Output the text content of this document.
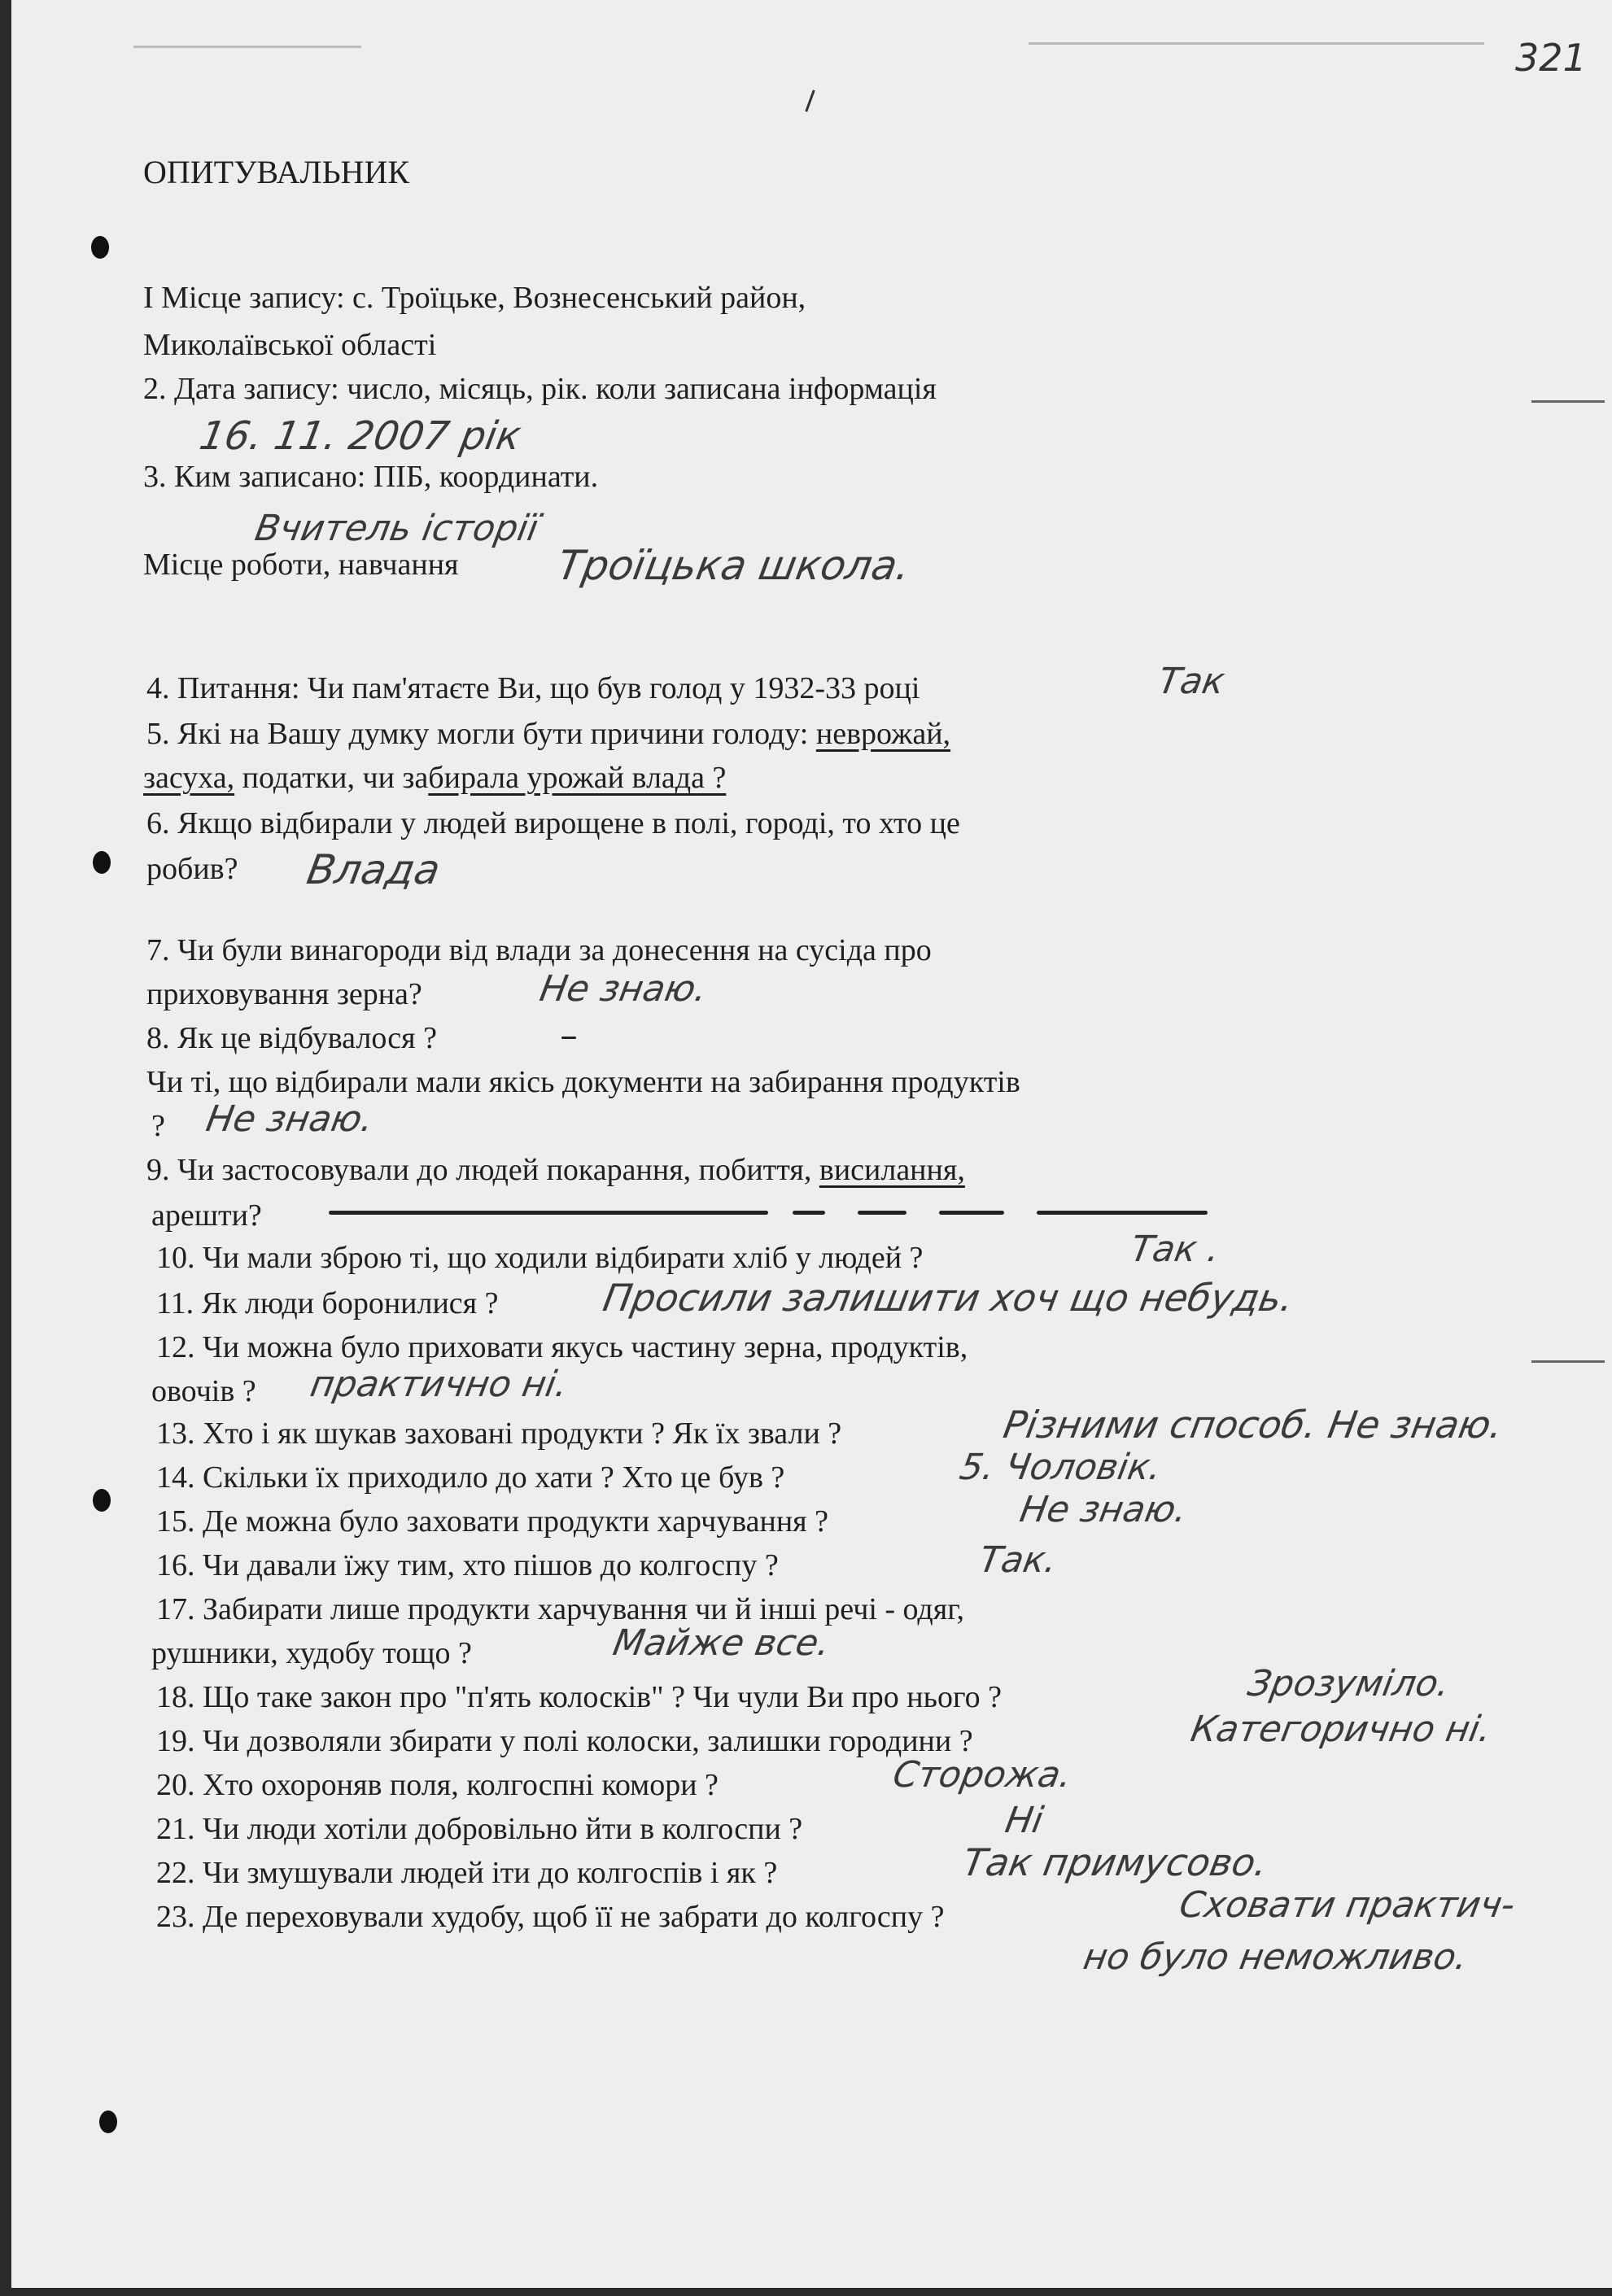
321
ОПИТУВАЛЬНИК
I Місце запису: с. Троїцьке, Вознесенський район,
Миколаївської області
2. Дата запису: число, місяць, рік. коли записана інформація
16. 11. 2007 рік
3. Ким записано: ПІБ, координати.
Вчитель історії
Місце роботи, навчання Троїцька школа.
4. Питання: Чи пам'ятаєте Ви, що був голод у 1932-33 році	Так
5. Які на Вашу думку могли бути причини голоду: неврожай,
засуха, податки, чи забирала урожай влада ?
6. Якщо відбирали у людей вирощене в полі, городі, то хто це
робив? Влада
7. Чи були винагороди від влади за донесення на сусіда про
приховування зерна?	Не знаю.
8. Як це відбувалося ?
Чи ті, що відбирали мали якісь документи на забирання продуктів
? Не знаю.
9. Чи застосовували до людей покарання, побиття, висилання,
арешти?
10. Чи мали зброю ті, що ходили відбирати хліб у людей ?	Так .
11. Як люди боронилися ?	Просили залишити хоч що небудь.
12. Чи можна було приховати якусь частину зерна, продуктів,
овочів ? практично ні.
13. Хто і як шукав заховані продукти ? Як їх звали ?	Різними способ. Не знаю.
14. Скільки їх приходило до хати ? Хто це був ?	5. Чоловік.
15. Де можна було заховати продукти харчування ?	Не знаю.
16. Чи давали їжу тим, хто пішов до колгоспу ?	Так.
17. Забирати лише продукти харчування чи й інші речі - одяг,
рушники, худобу тощо ?	Майже все.
18. Що таке закон про "п'ять колосків" ? Чи чули Ви про нього ?	Зрозуміло.
19. Чи дозволяли збирати у полі колоски, залишки городини ?	Категорично ні.
20. Хто охороняв поля, колгоспні комори ?	Сторожа.
21. Чи люди хотіли добровільно йти в колгоспи ?	Ні
22. Чи змушували людей іти до колгоспів і як ?	Так примусово.
23. Де переховували худобу, щоб її не забрати до колгоспу ?	Сховати практич-
но було неможливо.
